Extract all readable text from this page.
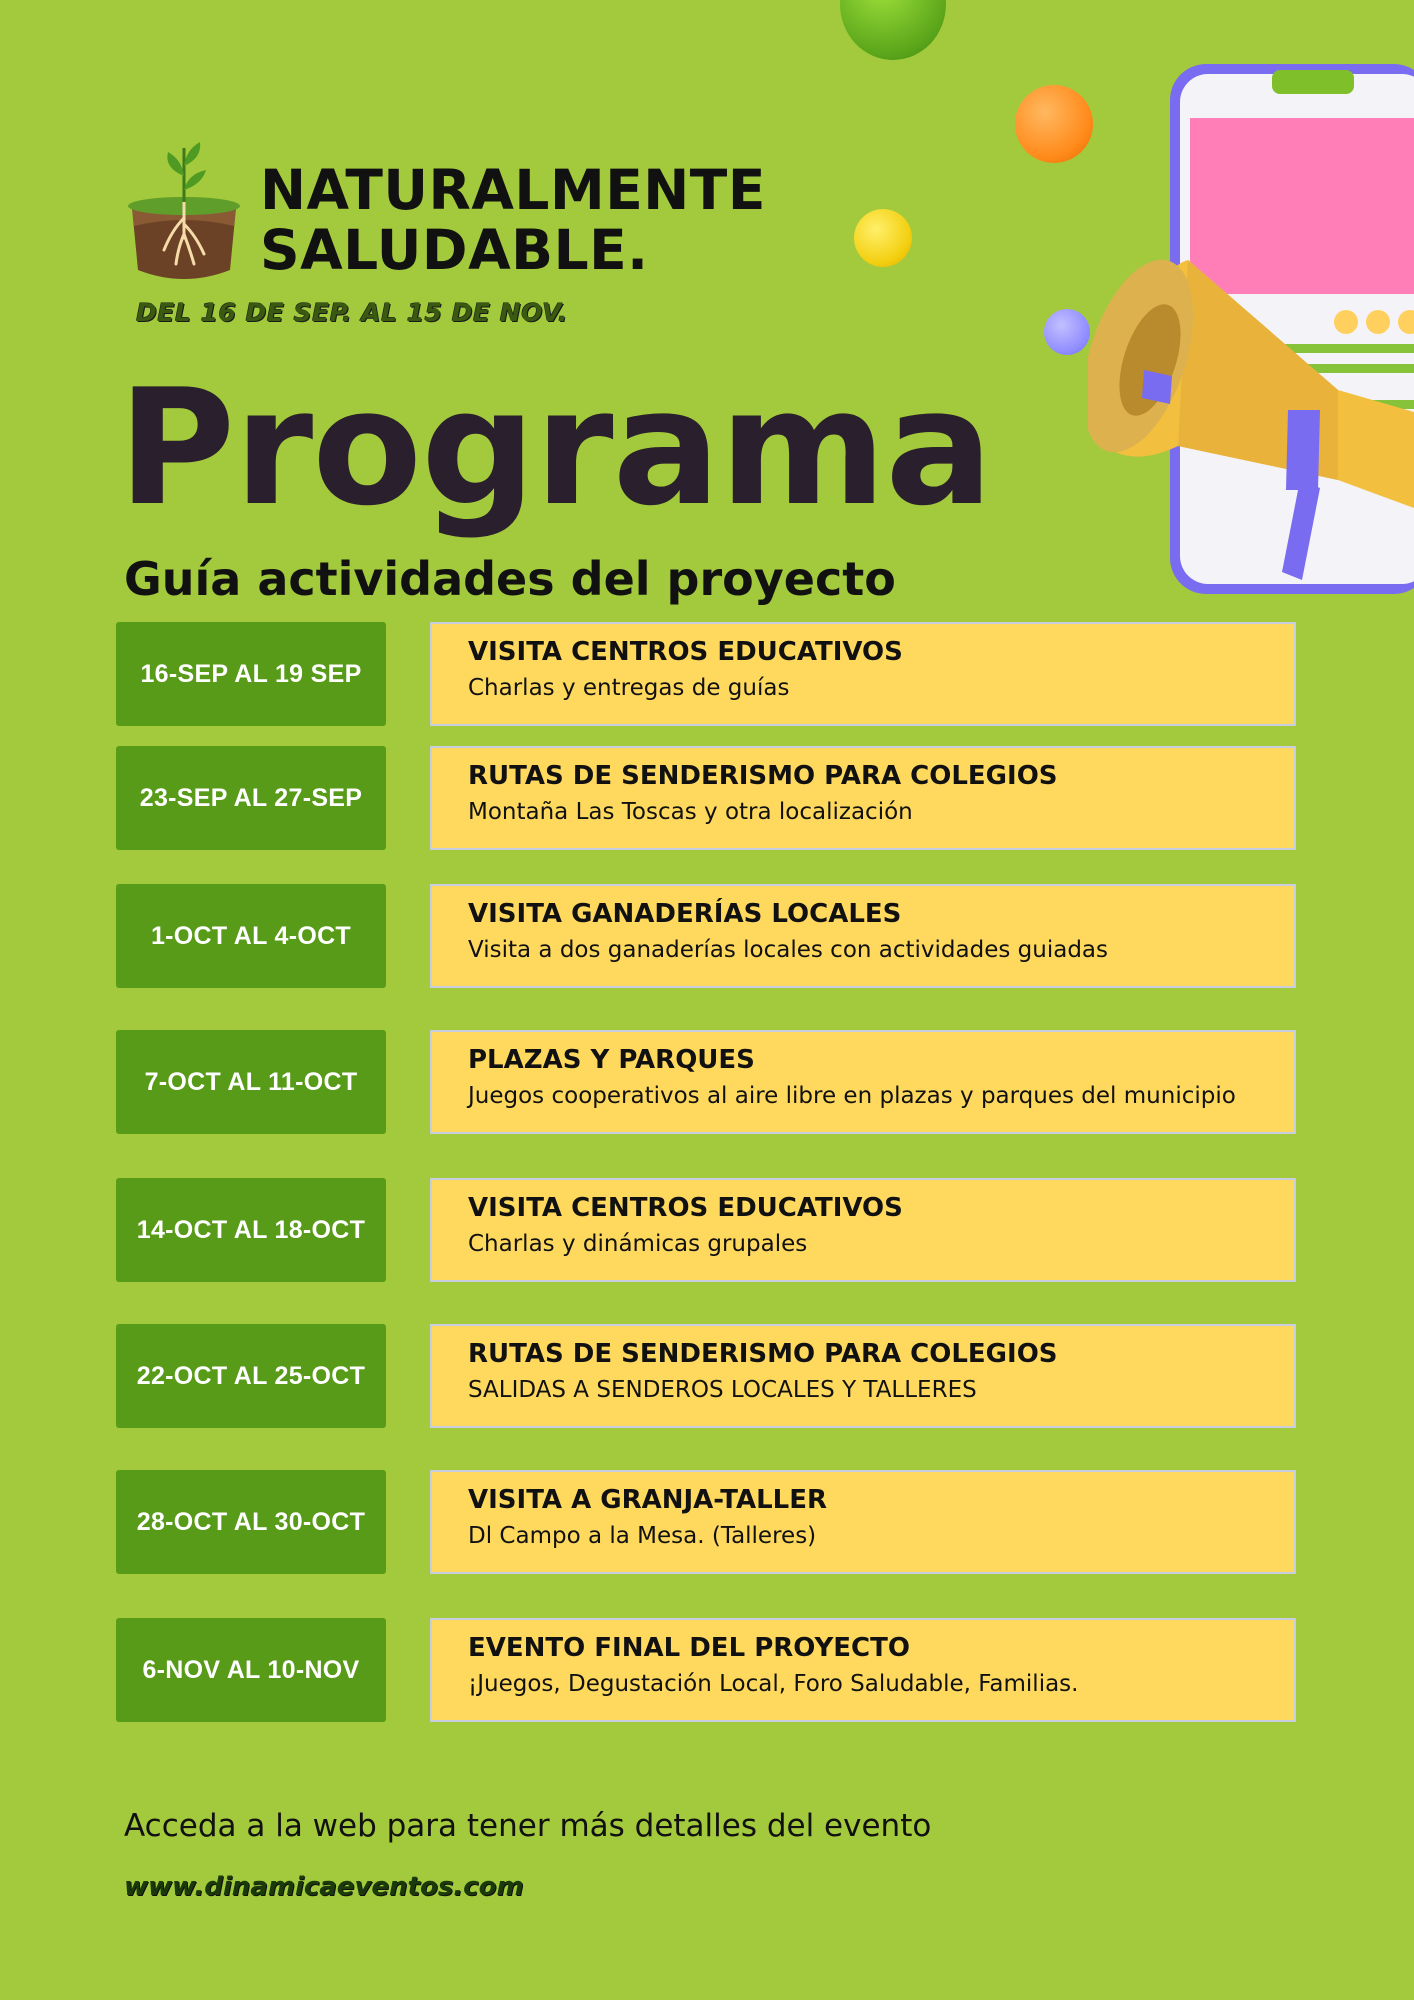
NATURALMENTE
SALUDABLE.

DEL 16 DE SEP. AL 15 DE NOV.

Programa
Guía actividades del proyecto
16-SEP AL 19 SEP

VISITA CENTROS EDUCATIVOS

Charlas y entregas de guías

23-SEP AL 27-SEP

RUTAS DE SENDERISMO PARA COLEGIOS

Montaña Las Toscas y otra localización

1-OCT AL 4-OCT

VISITA GANADERÍAS LOCALES

Visita a dos ganaderías locales con actividades guiadas

7-OCT AL 11-OCT

PLAZAS Y PARQUES

Juegos cooperativos al aire libre en plazas y parques del municipio

14-OCT AL 18-OCT

VISITA CENTROS EDUCATIVOS

Charlas y dinámicas grupales

22-OCT AL 25-OCT

RUTAS DE SENDERISMO PARA COLEGIOS

SALIDAS A SENDEROS LOCALES Y TALLERES

28-OCT AL 30-OCT

VISITA A GRANJA-TALLER

Dl Campo a la Mesa. (Talleres)

6-NOV AL 10-NOV

EVENTO FINAL DEL PROYECTO

¡Juegos, Degustación Local, Foro Saludable, Familias.

Acceda a la web para tener más detalles del evento

www.dinamicaeventos.com
